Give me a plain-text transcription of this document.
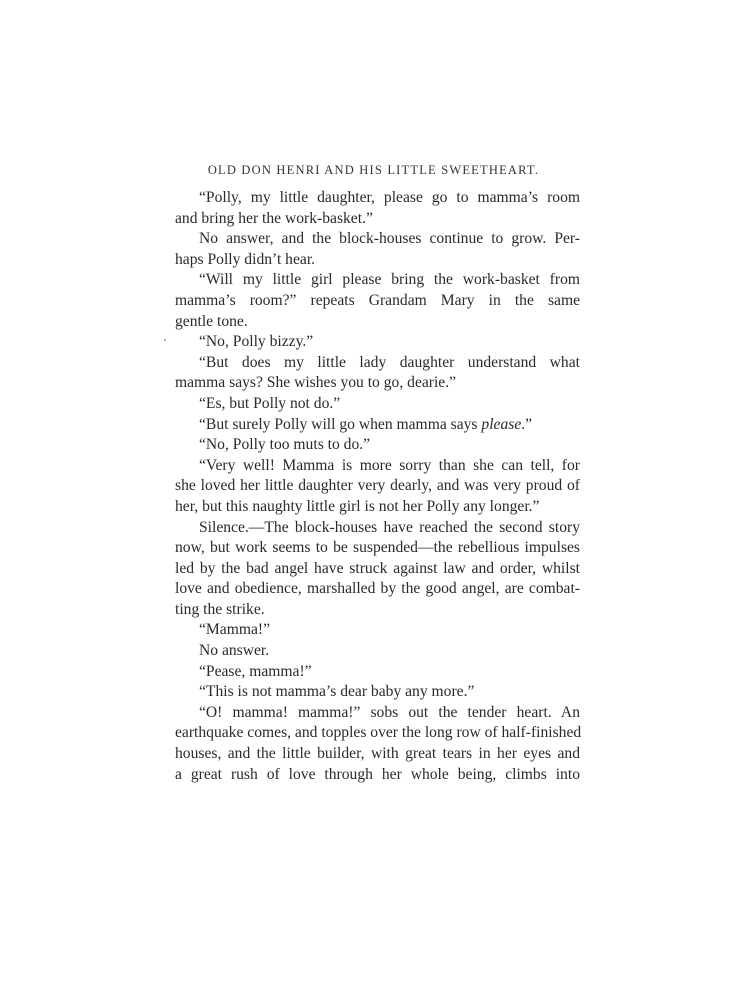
OLD DON HENRI AND HIS LITTLE SWEETHEART.
“Polly, my little daughter, please go to mamma’s room
and bring her the work-basket.”
No answer, and the block-houses continue to grow. Per-
haps Polly didn’t hear.
“Will my little girl please bring the work-basket from
mamma’s room?” repeats Grandam Mary in the same
gentle tone.
“No, Polly bizzy.”
“But does my little lady daughter understand what
mamma says? She wishes you to go, dearie.”
“Es, but Polly not do.”
“But surely Polly will go when mamma says please.”
“No, Polly too muts to do.”
“Very well! Mamma is more sorry than she can tell, for
she loved her little daughter very dearly, and was very proud of
her, but this naughty little girl is not her Polly any longer.”
Silence.—The block-houses have reached the second story
now, but work seems to be suspended—the rebellious impulses
led by the bad angel have struck against law and order, whilst
love and obedience, marshalled by the good angel, are combat-
ting the strike.
“Mamma!”
No answer.
“Pease, mamma!”
“This is not mamma’s dear baby any more.”
“O! mamma! mamma!” sobs out the tender heart. An
earthquake comes, and topples over the long row of half-finished
houses, and the little builder, with great tears in her eyes and
a great rush of love through her whole being, climbs into
